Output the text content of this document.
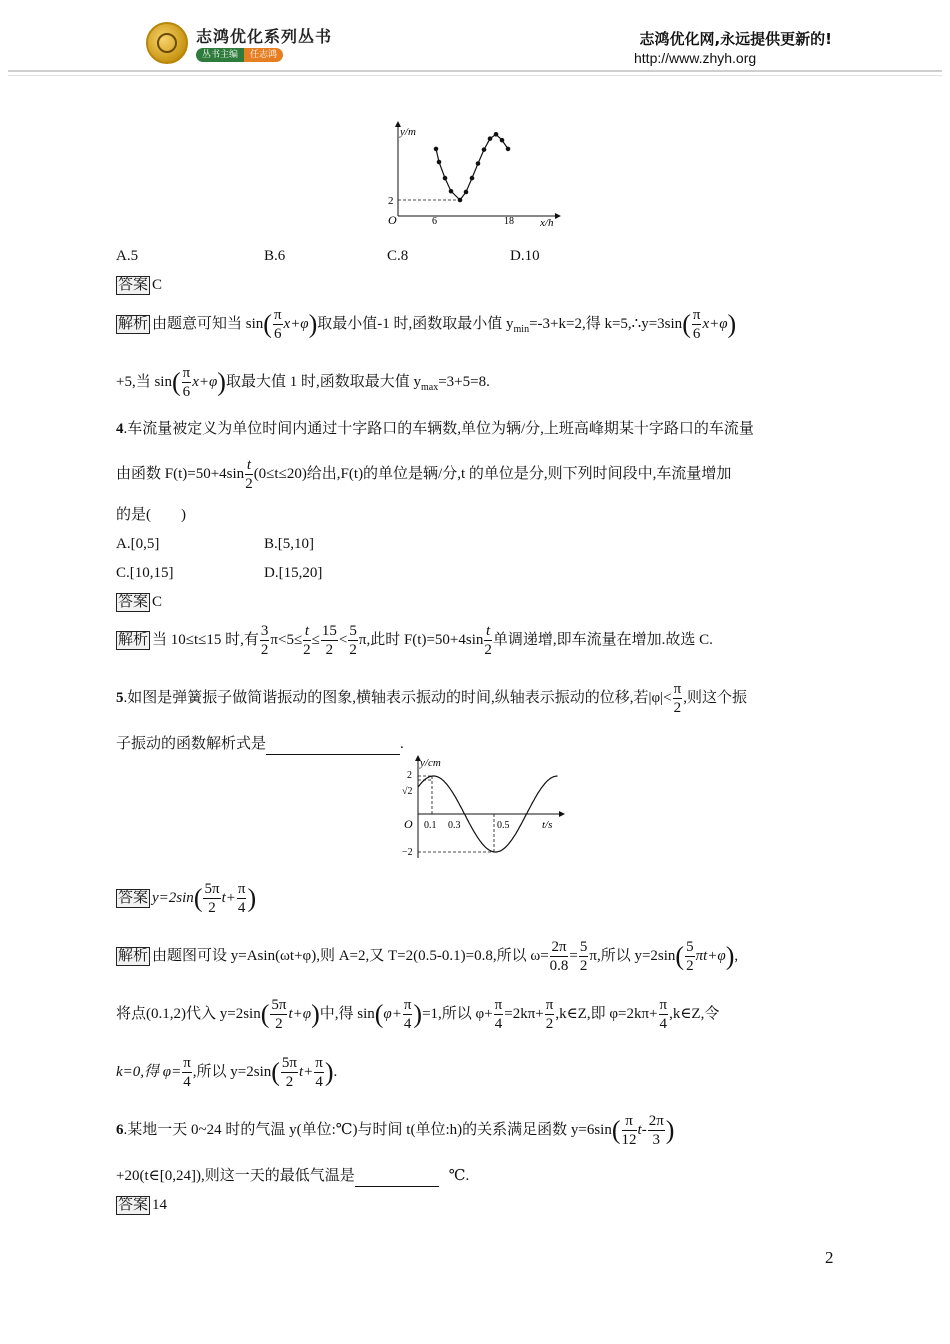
志鸿优化系列丛书
丛书主编	任志鸿
志鸿优化网,永远提供更新的!
http://www.zhyh.org
y/m
x/h
O
2
6	18
A.5	B.6	C.8	D.10
答案 C
解析 由题意可知当 $\sin( \frac{\pi}{6} x+\varphi)$取最小值-1 时,函数取最小值 $y_{min}=-3+k=2$,得 k=5,∴y=3sin( $\frac{\pi}{6} x+\varphi$)
+5,当 $\sin( \frac{\pi}{6} x+\varphi)$取最大值 1 时,函数取最大值 $y_{max}=3+5=8$.
4.车流量被定义为单位时间内通过十字路口的车辆数,单位为辆/分,上班高峰期某十字路口的车流量
由函数 $F(t)=50+4\sin \frac{t}{2} (0\le t\le 20)$给出,F(t)的单位是辆/分,t 的单位是分,则下列时间段中,车流量增加
的是(　　)
A.[0,5]	B.[5,10]
C.[10,15]	D.[15,20]
答案 C
解析 当 10≤t≤15 时,有 $\frac{3}{2} \pi<5\le \frac{t}{2} \le \frac{15}{2} < \frac{5}{2} \pi$,此时 $F(t)=50+4\sin \frac{t}{2}$ 单调递增,即车流量在增加.故选 C.
5.如图是弹簧振子做简谐振动的图象,横轴表示振动的时间,纵轴表示振动的位移,若$|\varphi|< \frac{\pi}{2}$ ,则这个振
子振动的函数解析式是	.
y/cm
t/s
O
2
√2
−2
0.1 0.3	0.5
答案 $y=2\sin( \frac{5\pi}{2} t+ \frac{\pi}{4}$ )
解析 由题图可设 y=Asin(ωt+φ),则 A=2,又 T=2(0.5-0.1)=0.8,所以 $\omega= \frac{2\pi}{0.8} = \frac{5}{2} \pi$,所以 $y=2\sin( \frac{5}{2} \pi t+\varphi)$,
将点(0.1,2)代入 $y=2\sin( \frac{5\pi}{2} t+\varphi)$中,得 $\sin(\varphi+ \frac{\pi}{4} )=1$,所以 $\varphi+ \frac{\pi}{4} =2k\pi+ \frac{\pi}{2}$ ,k∈Z,即 $\varphi=2k\pi+ \frac{\pi}{4}$ ,k∈Z,令
k=0,得 $\varphi= \frac{\pi}{4}$ ,所以 $y=2\sin( \frac{5\pi}{2} t+ \frac{\pi}{4}$ ).
6.某地一天 0~24 时的气温 y(单位:℃)与时间 t(单位:h)的关系满足函数 $y=6\sin( \frac{\pi}{12} t- \frac{2\pi}{3}$ )
+20(t∈[0,24]),则这一天的最低气温是	℃.
答案 14
2
